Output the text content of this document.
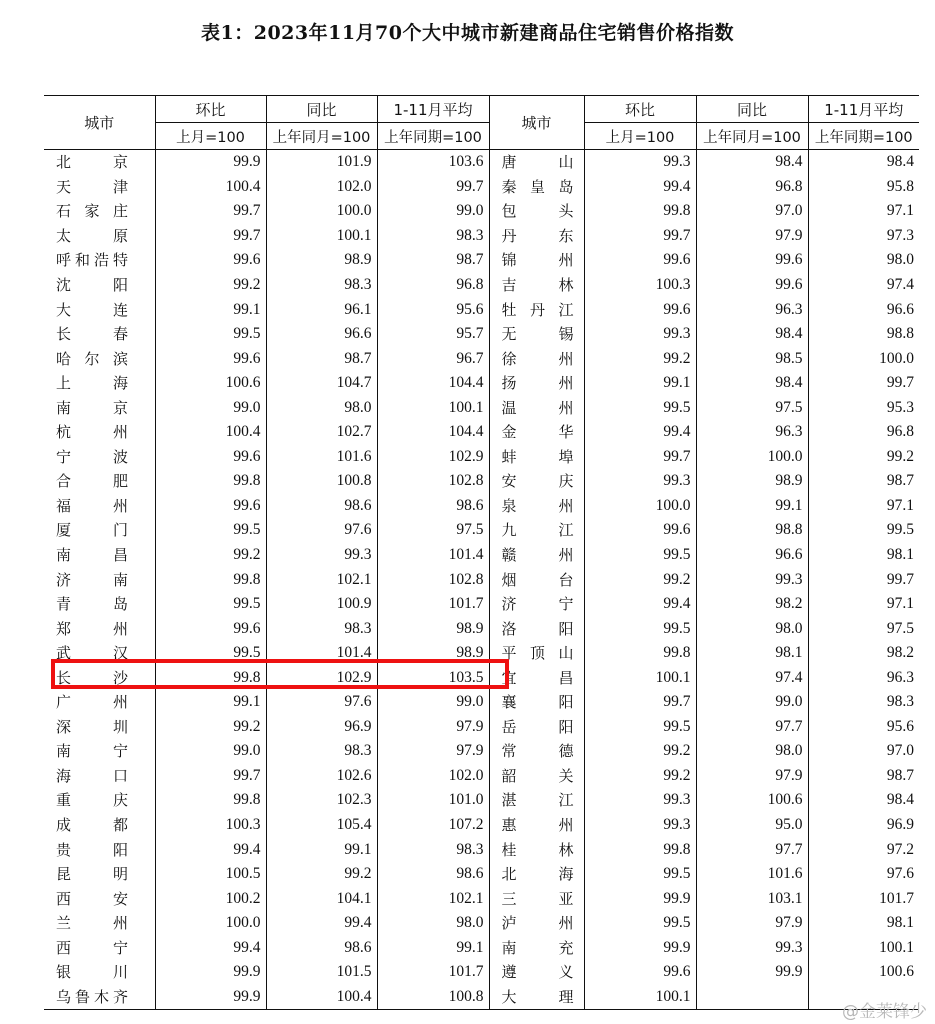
表1：2023年11月70个大中城市新建商品住宅销售价格指数
城市	环比	同比	1-11月平均	城市	环比	同比	1-11月平均
	上月=100	上年同月=100	上年同期=100		上月=100	上年同月=100	上年同期=100

北 京	99.9	101.9	103.6	唐 山	99.3	98.4	98.4

天 津	100.4	102.0	99.7	秦 皇 岛	99.4	96.8	95.8

石 家 庄	99.7	100.0	99.0	包 头	99.8	97.0	97.1

太 原	99.7	100.1	98.3	丹 东	99.7	97.9	97.3

呼 和 浩 特	99.6	98.9	98.7	锦 州	99.6	99.6	98.0

沈 阳	99.2	98.3	96.8	吉 林	100.3	99.6	97.4

大 连	99.1	96.1	95.6	牡 丹 江	99.6	96.3	96.6

长 春	99.5	96.6	95.7	无 锡	99.3	98.4	98.8

哈 尔 滨	99.6	98.7	96.7	徐 州	99.2	98.5	100.0

上 海	100.6	104.7	104.4	扬 州	99.1	98.4	99.7

南 京	99.0	98.0	100.1	温 州	99.5	97.5	95.3

杭 州	100.4	102.7	104.4	金 华	99.4	96.3	96.8

宁 波	99.6	101.6	102.9	蚌 埠	99.7	100.0	99.2

合 肥	99.8	100.8	102.8	安 庆	99.3	98.9	98.7

福 州	99.6	98.6	98.6	泉 州	100.0	99.1	97.1

厦 门	99.5	97.6	97.5	九 江	99.6	98.8	99.5

南 昌	99.2	99.3	101.4	赣 州	99.5	96.6	98.1

济 南	99.8	102.1	102.8	烟 台	99.2	99.3	99.7

青 岛	99.5	100.9	101.7	济 宁	99.4	98.2	97.1

郑 州	99.6	98.3	98.9	洛 阳	99.5	98.0	97.5

武 汉	99.5	101.4	98.9	平 顶 山	99.8	98.1	98.2

长 沙	99.8	102.9	103.5	宜 昌	100.1	97.4	96.3

广 州	99.1	97.6	99.0	襄 阳	99.7	99.0	98.3

深 圳	99.2	96.9	97.9	岳 阳	99.5	97.7	95.6

南 宁	99.0	98.3	97.9	常 德	99.2	98.0	97.0

海 口	99.7	102.6	102.0	韶 关	99.2	97.9	98.7

重 庆	99.8	102.3	101.0	湛 江	99.3	100.6	98.4

成 都	100.3	105.4	107.2	惠 州	99.3	95.0	96.9

贵 阳	99.4	99.1	98.3	桂 林	99.8	97.7	97.2

昆 明	100.5	99.2	98.6	北 海	99.5	101.6	97.6

西 安	100.2	104.1	102.1	三 亚	99.9	103.1	101.7

兰 州	100.0	99.4	98.0	泸 州	99.5	97.9	98.1

西 宁	99.4	98.6	99.1	南 充	99.9	99.3	100.1

银 川	99.9	101.5	101.7	遵 义	99.6	99.9	100.6

乌 鲁 木 齐	99.9	100.4	100.8	大 理	100.1		
@金莱锋少
